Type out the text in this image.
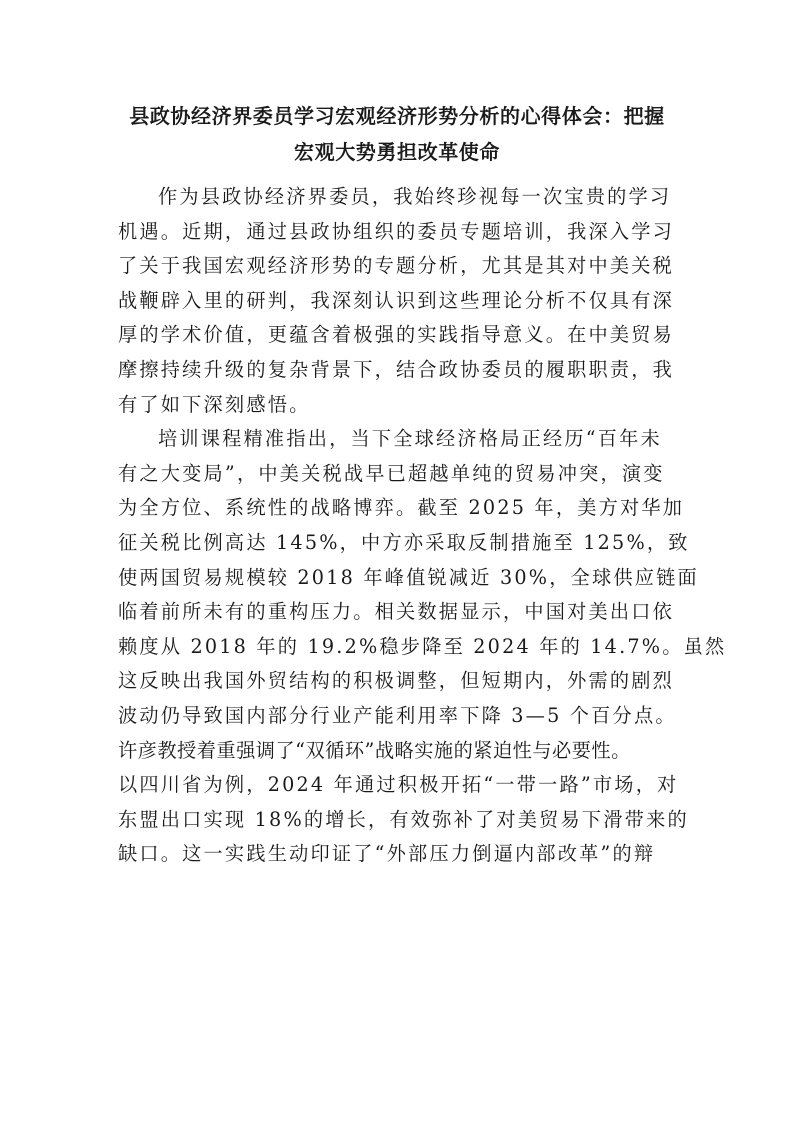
县政协经济界委员学习宏观经济形势分析的心得体会：把握
宏观大势勇担改革使命

作为县政协经济界委员，我始终珍视每一次宝贵的学习
机遇。近期，通过县政协组织的委员专题培训，我深入学习
了关于我国宏观经济形势的专题分析，尤其是其对中美关税
战鞭辟入里的研判，我深刻认识到这些理论分析不仅具有深
厚的学术价值，更蕴含着极强的实践指导意义。在中美贸易
摩擦持续升级的复杂背景下，结合政协委员的履职职责，我
有了如下深刻感悟。

培训课程精准指出，当下全球经济格局正经历“百年未
有之大变局”，中美关税战早已超越单纯的贸易冲突，演变
为全方位、系统性的战略博弈。截至 2025 年，美方对华加
征关税比例高达 145%，中方亦采取反制措施至 125%，致
使两国贸易规模较 2018 年峰值锐减近 30%，全球供应链面
临着前所未有的重构压力。相关数据显示，中国对美出口依
赖度从 2018 年的 19.2%稳步降至 2024 年的 14.7%。虽然
这反映出我国外贸结构的积极调整，但短期内，外需的剧烈
波动仍导致国内部分行业产能利用率下降 3—5 个百分点。
许彦教授着重强调了“双循环”战略实施的紧迫性与必要性。
以四川省为例，2024 年通过积极开拓“一带一路”市场，对
东盟出口实现 18%的增长，有效弥补了对美贸易下滑带来的
缺口。这一实践生动印证了“外部压力倒逼内部改革”的辩
